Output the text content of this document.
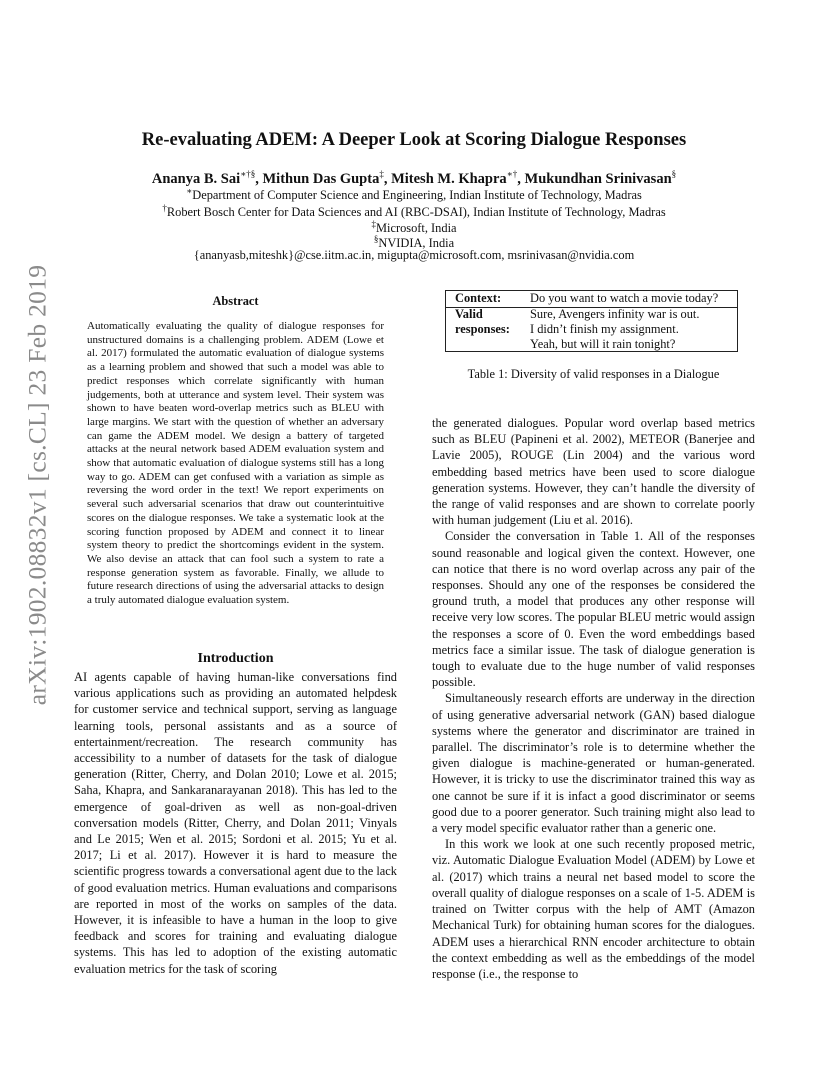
arXiv:1902.08832v1 [cs.CL] 23 Feb 2019
Re-evaluating ADEM: A Deeper Look at Scoring Dialogue Responses
Ananya B. Sai∗†§, Mithun Das Gupta‡, Mitesh M. Khapra∗†, Mukundhan Srinivasan§
∗Department of Computer Science and Engineering, Indian Institute of Technology, Madras
†Robert Bosch Center for Data Sciences and AI (RBC-DSAI), Indian Institute of Technology, Madras
‡Microsoft, India
§NVIDIA, India
{ananyasb,miteshk}@cse.iitm.ac.in, migupta@microsoft.com, msrinivasan@nvidia.com
Abstract
Automatically evaluating the quality of dialogue responses for unstructured domains is a challenging problem. ADEM (Lowe et al. 2017) formulated the automatic evaluation of dialogue systems as a learning problem and showed that such a model was able to predict responses which correlate significantly with human judgements, both at utterance and system level. Their system was shown to have beaten word-overlap metrics such as BLEU with large margins. We start with the question of whether an adversary can game the ADEM model. We design a battery of targeted attacks at the neural network based ADEM evaluation system and show that automatic evaluation of dialogue systems still has a long way to go. ADEM can get confused with a variation as simple as reversing the word order in the text! We report experiments on several such adversarial scenarios that draw out counterintuitive scores on the dialogue responses. We take a systematic look at the scoring function proposed by ADEM and connect it to linear system theory to predict the shortcomings evident in the system. We also devise an attack that can fool such a system to rate a response generation system as favorable. Finally, we allude to future research directions of using the adversarial attacks to design a truly automated dialogue evaluation system.
Introduction

AI agents capable of having human-like conversations find various applications such as providing an automated helpdesk for customer service and technical support, serving as language learning tools, personal assistants and as a source of entertainment/recreation. The research community has accessibility to a number of datasets for the task of dialogue generation (Ritter, Cherry, and Dolan 2010; Lowe et al. 2015; Saha, Khapra, and Sankaranarayanan 2018). This has led to the emergence of goal-driven as well as non-goal-driven conversation models (Ritter, Cherry, and Dolan 2011; Vinyals and Le 2015; Wen et al. 2015; Sordoni et al. 2015; Yu et al. 2017; Li et al. 2017). However it is hard to measure the scientific progress towards a conversational agent due to the lack of good evaluation metrics. Human evaluations and comparisons are reported in most of the works on samples of the data. However, it is infeasible to have a human in the loop to give feedback and scores for training and evaluating dialogue systems. This has led to adoption of the existing automatic evaluation metrics for the task of scoring

Context: Do you want to watch a movie today?
Valid
responses:
Sure, Avengers infinity war is out.
I didn’t finish my assignment.
Yeah, but will it rain tonight?
Table 1: Diversity of valid responses in a Dialogue

the generated dialogues. Popular word overlap based metrics such as BLEU (Papineni et al. 2002), METEOR (Banerjee and Lavie 2005), ROUGE (Lin 2004) and the various word embedding based metrics have been used to score dialogue generation systems. However, they can’t handle the diversity of the range of valid responses and are shown to correlate poorly with human judgement (Liu et al. 2016).

Consider the conversation in Table 1. All of the responses sound reasonable and logical given the context. However, one can notice that there is no word overlap across any pair of the responses. Should any one of the responses be considered the ground truth, a model that produces any other response will receive very low scores. The popular BLEU metric would assign the responses a score of 0. Even the word embeddings based metrics face a similar issue. The task of dialogue generation is tough to evaluate due to the huge number of valid responses possible.

Simultaneously research efforts are underway in the direction of using generative adversarial network (GAN) based dialogue systems where the generator and discriminator are trained in parallel. The discriminator’s role is to determine whether the given dialogue is machine-generated or human-generated. However, it is tricky to use the discriminator trained this way as one cannot be sure if it is infact a good discriminator or seems good due to a poorer generator. Such training might also lead to a very model specific evaluator rather than a generic one.

In this work we look at one such recently proposed metric, viz. Automatic Dialogue Evaluation Model (ADEM) by Lowe et al. (2017) which trains a neural net based model to score the overall quality of dialogue responses on a scale of 1-5. ADEM is trained on Twitter corpus with the help of AMT (Amazon Mechanical Turk) for obtaining human scores for the dialogues. ADEM uses a hierarchical RNN encoder architecture to obtain the context embedding as well as the embeddings of the model response (i.e., the response to
